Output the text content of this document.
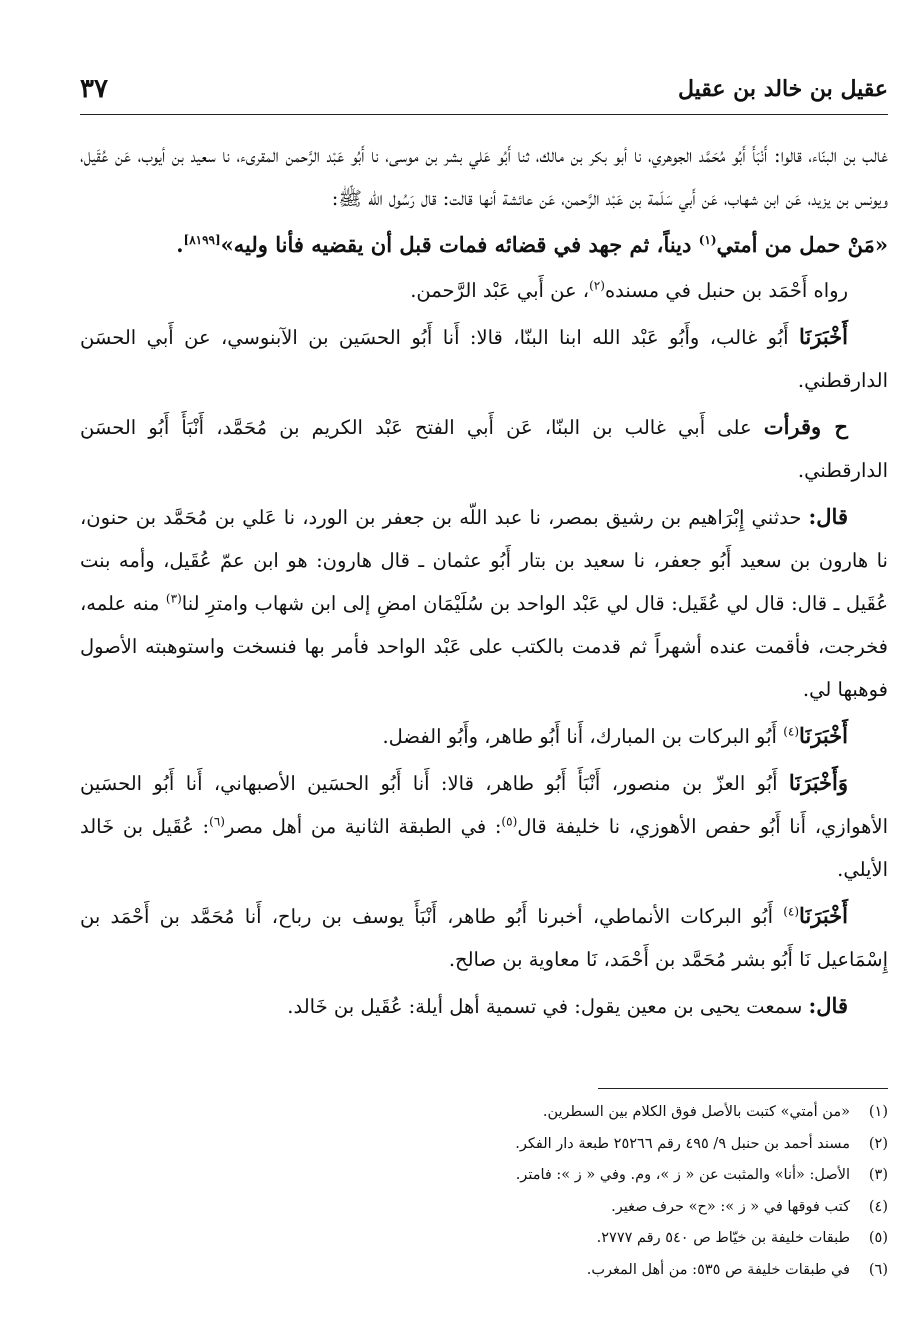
عقيل بن خالد بن عقيل
٣٧

غالب بن البنّاء، قالوا: أَنْبَأَ أَبُو مُحَمَّد الجوهري، نا أبو بكر بن مالك، ثنا أَبُو عَلي بشر بن موسى، نا أَبُو عَبْد الرَّحمن المقرىء، نا سعيد بن أيوب، عَن عُقَيل، ويونس بن يزيد، عَن ابن شهاب، عَن أَبي سَلَمة بن عَبْد الرَّحمن، عَن عائشة أنها قالت: قال رَسُول الله ﷺ:

«مَنْ حمل من أمتي$^{(١)}$ ديناً، ثم جهد في قضائه فمات قبل أن يقضيه فأنا وليه»[٨١٩٩].

رواه أَحْمَد بن حنبل في مسنده$^{(٢)}$، عن أَبي عَبْد الرَّحمن.

أَخْبَرَنَا أَبُو غالب، وأَبُو عَبْد الله ابنا البنّا، قالا: أَنا أَبُو الحسَين بن الآبنوسي، عن أَبي الحسَن الدارقطني.

ح وقرأت على أَبي غالب بن البنّا، عَن أَبي الفتح عَبْد الكريم بن مُحَمَّد، أَنْبَأَ أَبُو الحسَن الدارقطني.

قال: حدثني إِبْرَاهيم بن رشيق بمصر، نا عبد اللّه بن جعفر بن الورد، نا عَلي بن مُحَمَّد بن حنون، نا هارون بن سعيد أَبُو جعفر، نا سعيد بن بتار أَبُو عثمان ـ قال هارون: هو ابن عمّ عُقَيل، وأمه بنت عُقَيل ـ قال: قال لي عُقَيل: قال لي عَبْد الواحد بن سُلَيْمَان امضِ إلى ابن شهاب وامترِ لنا$^{(٣)}$ منه علمه، فخرجت، فأقمت عنده أشهراً ثم قدمت بالكتب على عَبْد الواحد فأمر بها فنسخت واستوهبته الأصول فوهبها لي.

أَخْبَرَنَا$^{(٤)}$ أَبُو البركات بن المبارك، أَنا أَبُو طاهر، وأَبُو الفضل.

وَأَخْبَرَنَا أَبُو العزّ بن منصور، أَنْبَأَ أَبُو طاهر، قالا: أَنا أَبُو الحسَين الأصبهاني، أَنا أَبُو الحسَين الأهوازي، أَنا أَبُو حفص الأهوزي، نا خليفة قال$^{(٥)}$: في الطبقة الثانية من أهل مصر$^{(٦)}$: عُقَيل بن خَالد الأيلي.

أَخْبَرَنَا$^{(٤)}$ أَبُو البركات الأنماطي، أخبرنا أَبُو طاهر، أَنْبَأَ يوسف بن رباح، أَنا مُحَمَّد بن أَحْمَد بن إِسْمَاعيل نَا أَبُو بشر مُحَمَّد بن أَحْمَد، نَا معاوية بن صالح.

قال: سمعت يحيى بن معين يقول: في تسمية أهل أيلة: عُقَيل بن خَالد.

(١)
«من أمتي» كتبت بالأصل فوق الكلام بين السطرين.
(٢)
مسند أحمد بن حنبل ٩/ ٤٩٥ رقم ٢٥٢٦٦ طبعة دار الفكر.
(٣)
الأصل: «أنا» والمثبت عن « ز »، وم. وفي « ز »: فامتر.
(٤)
كتب فوقها في « ز »: «ح» حرف صغير.
(٥)
طبقات خليفة بن خيّاط ص ٥٤٠ رقم ٢٧٧٧.
(٦)
في طبقات خليفة ص ٥٣٥: من أهل المغرب.
